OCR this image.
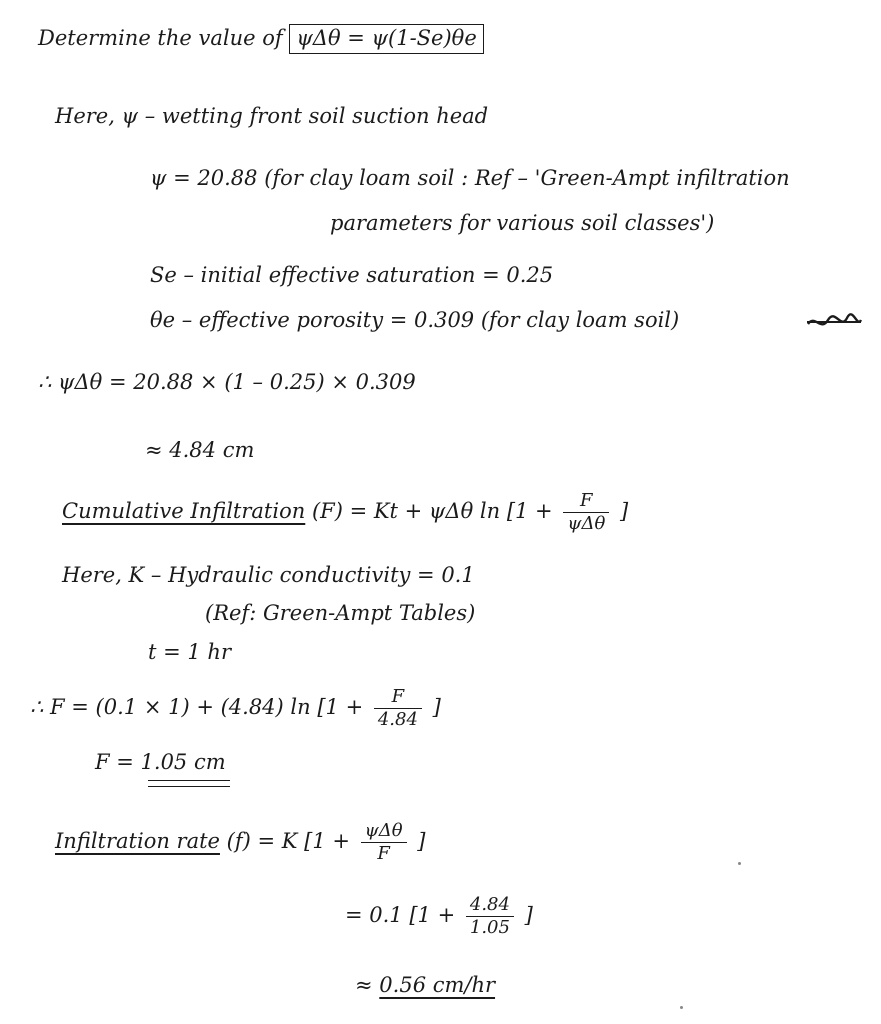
Determine the value of ψΔθ = ψ(1-Se)θe
Here, ψ – wetting front soil suction head
ψ = 20.88 (for clay loam soil : Ref – 'Green-Ampt infiltration
parameters for various soil classes')
Se – initial effective saturation = 0.25
θe – effective porosity = 0.309 (for clay loam soil)
∴ ψΔθ = 20.88 × (1 – 0.25) × 0.309
≈ 4.84 cm
Cumulative Infiltration (F) = Kt + ψΔθ $\ln [1 + \frac{F}{\text{ψΔθ}}$ ]
Here, K – Hydraulic conductivity = 0.1
(Ref: Green-Ampt Tables)
t = 1 hr
∴ F = (0.1 × 1) + (4.84) $\ln [1 + \frac{F}{4.84}$ ]
F = 1.05 cm
Infiltration rate (f) = K [$1 + \frac{\text{ψΔθ}}{F}$ ]
= 0.1 [$1 + \frac{4.84}{1.05}$ ]
≈ 0.56 cm/hr
